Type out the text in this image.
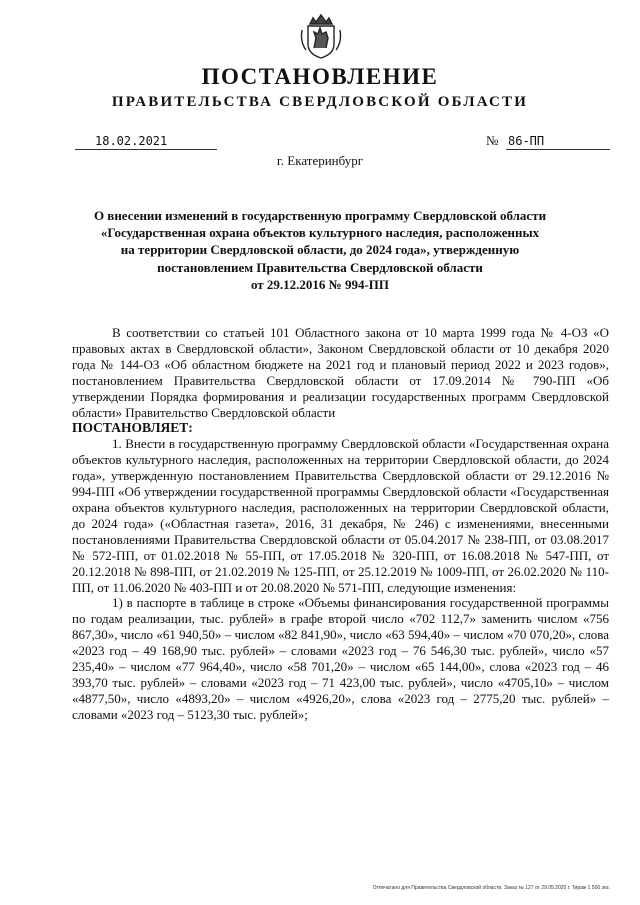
ПОСТАНОВЛЕНИЕ
ПРАВИТЕЛЬСТВА СВЕРДЛОВСКОЙ ОБЛАСТИ
18.02.2021	№ 86-ПП
г. Екатеринбург
О внесении изменений в государственную программу Свердловской области
«Государственная охрана объектов культурного наследия, расположенных
на территории Свердловской области, до 2024 года», утвержденную
постановлением Правительства Свердловской области
от 29.12.2016 № 994-ПП

В соответствии со статьей 101 Областного закона от 10 марта 1999 года № 4-ОЗ «О правовых актах в Свердловской области», Законом Свердловской области от 10 декабря 2020 года № 144-ОЗ «Об областном бюджете на 2021 год и плановый период 2022 и 2023 годов», постановлением Правительства Свердловской области от 17.09.2014 № 790-ПП «Об утверждении Порядка формирования и реализации государственных программ Свердловской области» Правительство Свердловской области

ПОСТАНОВЛЯЕТ:

1. Внести в государственную программу Свердловской области «Государственная охрана объектов культурного наследия, расположенных на территории Свердловской области, до 2024 года», утвержденную постановлением Правительства Свердловской области от 29.12.2016 № 994-ПП «Об утверждении государственной программы Свердловской области «Государственная охрана объектов культурного наследия, расположенных на территории Свердловской области, до 2024 года» («Областная газета», 2016, 31 декабря, № 246) с изменениями, внесенными постановлениями Правительства Свердловской области от 05.04.2017 № 238-ПП, от 03.08.2017 № 572-ПП, от 01.02.2018 № 55-ПП, от 17.05.2018 № 320-ПП, от 16.08.2018 № 547-ПП, от 20.12.2018 № 898-ПП, от 21.02.2019 № 125-ПП, от 25.12.2019 № 1009-ПП, от 26.02.2020 № 110-ПП, от 11.06.2020 № 403-ПП и от 20.08.2020 № 571-ПП, следующие изменения:

1) в паспорте в таблице в строке «Объемы финансирования государственной программы по годам реализации, тыс. рублей» в графе второй число «702 112,7» заменить числом «756 867,30», число «61 940,50» – числом «82 841,90», число «63 594,40» – числом «70 070,20», слова «2023 год – 49 168,90 тыс. рублей» – словами «2023 год – 76 546,30 тыс. рублей», число «57 235,40» – числом «77 964,40», число «58 701,20» – числом «65 144,00», слова «2023 год – 46 393,70 тыс. рублей» – словами «2023 год – 71 423,00 тыс. рублей», число «4705,10» – числом «4877,50», число «4893,20» – числом «4926,20», слова «2023 год – 2775,20 тыс. рублей» – словами «2023 год – 5123,30 тыс. рублей»;

Отпечатано для Правительства Свердловской области. Заказ № 127 от 29.05.2020 г. Тираж 1 500 экз.
